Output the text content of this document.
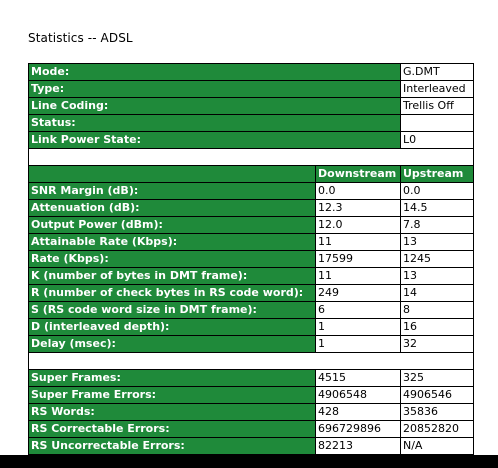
Statistics -- ADSL
Mode:		G.DMT
Type:		Interleaved
Line Coding:		Trellis Off
Status:		
Link Power State:		L0

	Downstream	Upstream
SNR Margin (dB):	0.0	0.0
Attenuation (dB):	12.3	14.5
Output Power (dBm):	12.0	7.8
Attainable Rate (Kbps):	11	13
Rate (Kbps):	17599	1245
K (number of bytes in DMT frame):	11	13
R (number of check bytes in RS code word):	249	14
S (RS code word size in DMT frame):	6	8
D (interleaved depth):	1	16
Delay (msec):	1	32

Super Frames:	4515	325
Super Frame Errors:	4906548	4906546
RS Words:	428	35836
RS Correctable Errors:	696729896	20852820
RS Uncorrectable Errors:	82213	N/A
